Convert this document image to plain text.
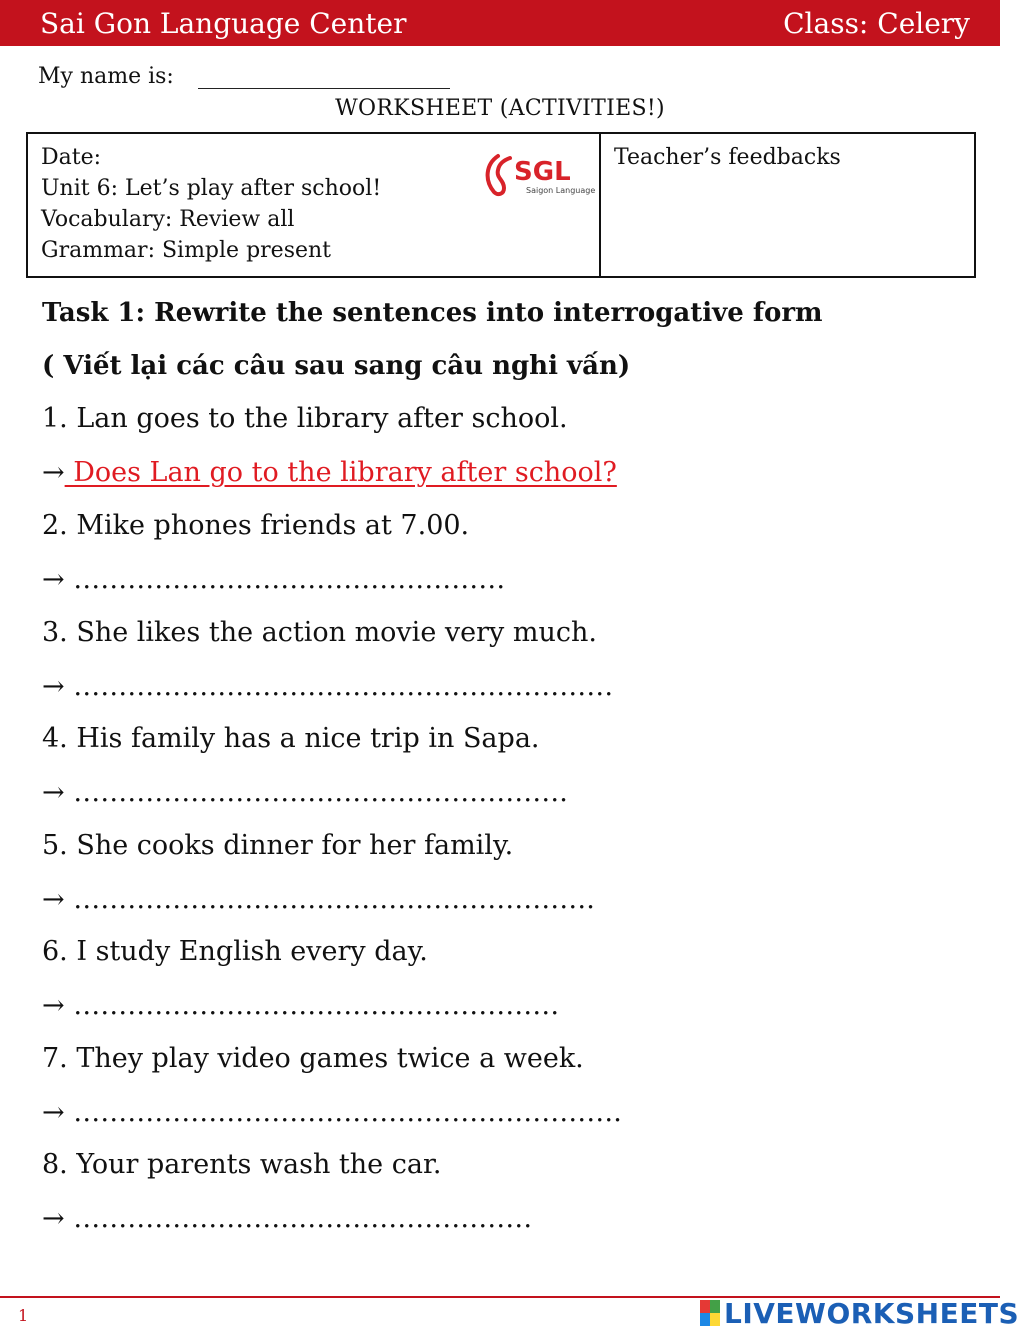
Sai Gon Language Center	Class: Celery
My name is:
WORKSHEET (ACTIVITIES!)
Date:
Unit 6: Let’s play after school!
Vocabulary: Review all
Grammar: Simple present
SGL
Saigon Language
Teacher’s feedbacks
Task 1: Rewrite the sentences into interrogative form
( Viết lại các câu sau sang câu nghi vấn)
1. Lan goes to the library after school.
→ Does Lan go to the library after school?
2. Mike phones friends at 7.00.
→ …………………………………………
3. She likes the action movie very much.
→ ……………………………………………………
4. His family has a nice trip in Sapa.
→ ……………………………………………….
5. She cooks dinner for her family.
→ ………………………………………………….
6. I study English every day.
→ ………………………………………………
7. They play video games twice a week.
→ …………………………………………………….
8. Your parents wash the car.
→ ……………………………………………
1	LIVEWORKSHEETS
